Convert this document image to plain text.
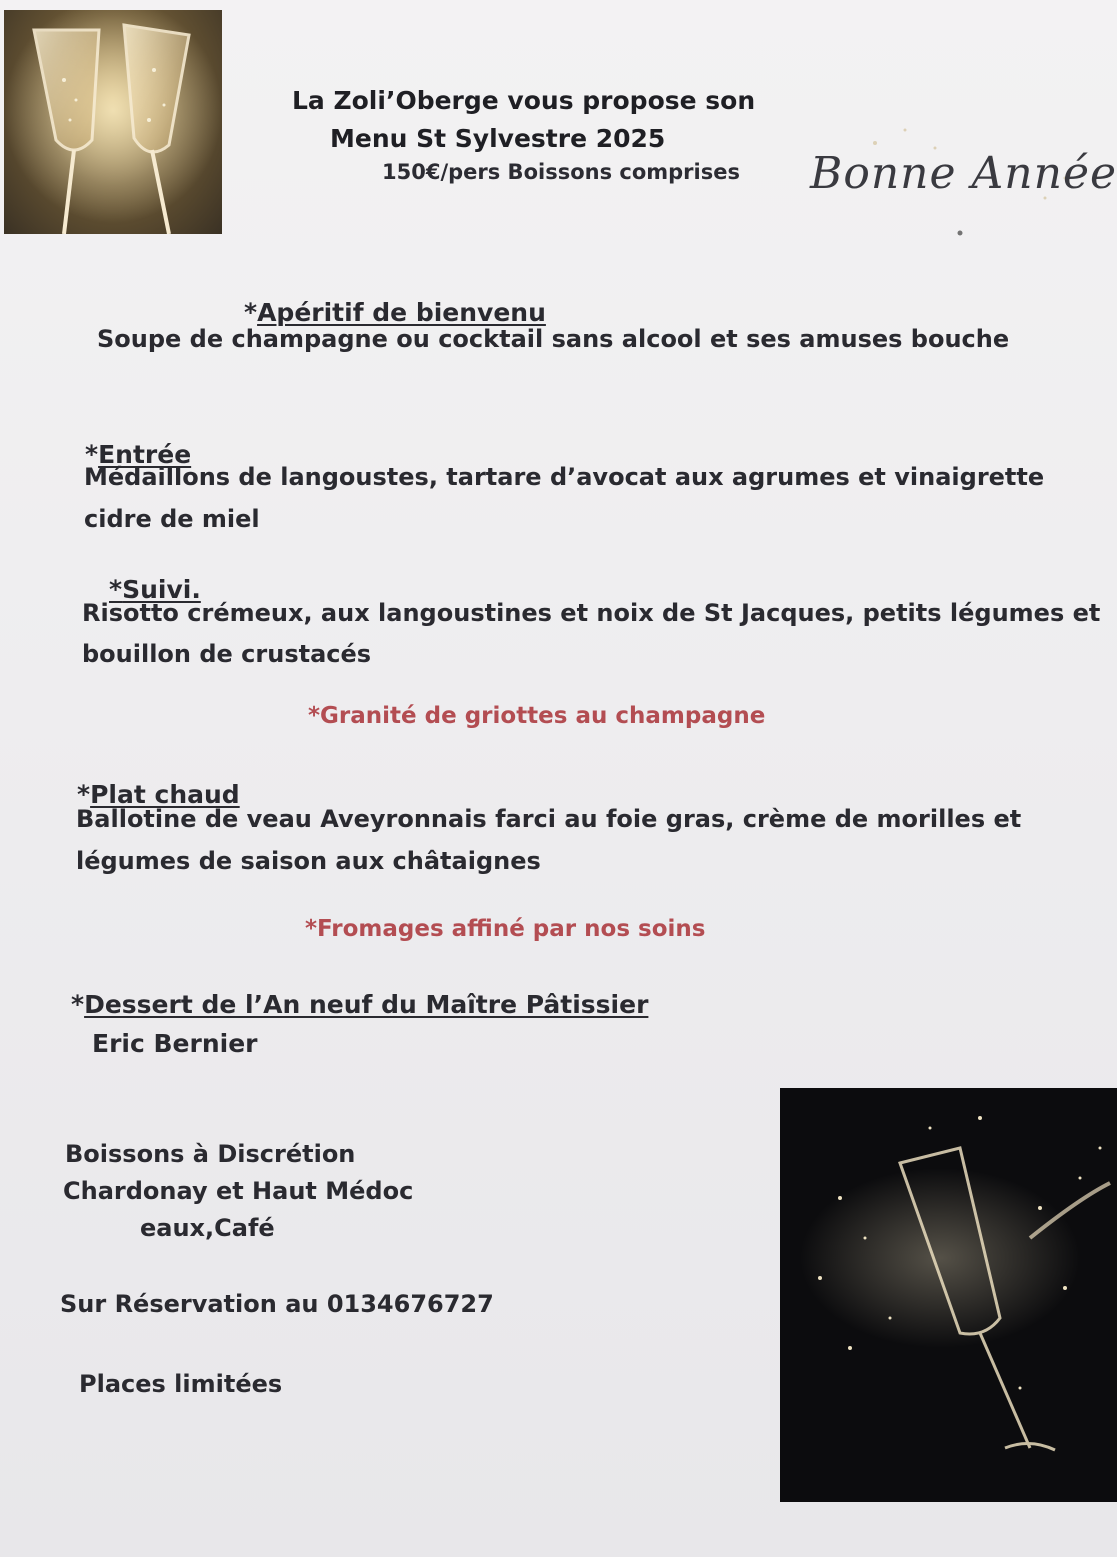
La Zoli’Oberge vous propose son
Menu St Sylvestre 2025
150€/pers Boissons comprises Bonne Année
*Apéritif de bienvenu
Soupe de champagne ou cocktail sans alcool et ses amuses bouche
*Entrée
Médaillons de langoustes, tartare d’avocat aux agrumes et vinaigrette
cidre de miel
*Suivi.
Risotto crémeux, aux langoustines et noix de St Jacques, petits légumes et
bouillon de crustacés
*Granité de griottes au champagne
*Plat chaud
Ballotine de veau Aveyronnais farci au foie gras, crème de morilles et
légumes de saison aux châtaignes
*Fromages affiné par nos soins
*Dessert de l’An neuf du Maître Pâtissier
Eric Bernier
Boissons à Discrétion
Chardonay et Haut Médoc
eaux,Café
Sur Réservation au 0134676727
Places limitées
